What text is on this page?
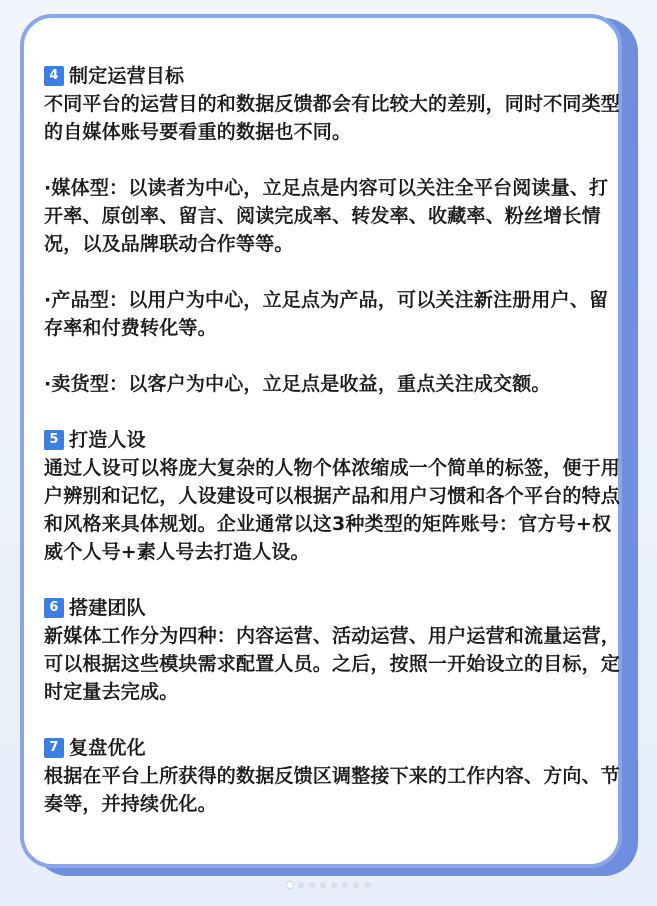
4 制定运营目标
不同平台的运营目的和数据反馈都会有比较大的差别，同时不同类型的自媒体账号要看重的数据也不同。
·媒体型：以读者为中心，立足点是内容可以关注全平台阅读量、打开率、原创率、留言、阅读完成率、转发率、收藏率、粉丝增长情况，以及品牌联动合作等等。
·产品型：以用户为中心，立足点为产品，可以关注新注册用户、留存率和付费转化等。
·卖货型：以客户为中心，立足点是收益，重点关注成交额。
5 打造人设
通过人设可以将庞大复杂的人物个体浓缩成一个简单的标签，便于用户辨别和记忆，人设建设可以根据产品和用户习惯和各个平台的特点和风格来具体规划。企业通常以这3种类型的矩阵账号：官方号+权威个人号+素人号去打造人设。
6 搭建团队
新媒体工作分为四种：内容运营、活动运营、用户运营和流量运营，可以根据这些模块需求配置人员。之后，按照一开始设立的目标，定时定量去完成。
7 复盘优化
根据在平台上所获得的数据反馈区调整接下来的工作内容、方向、节奏等，并持续优化。
